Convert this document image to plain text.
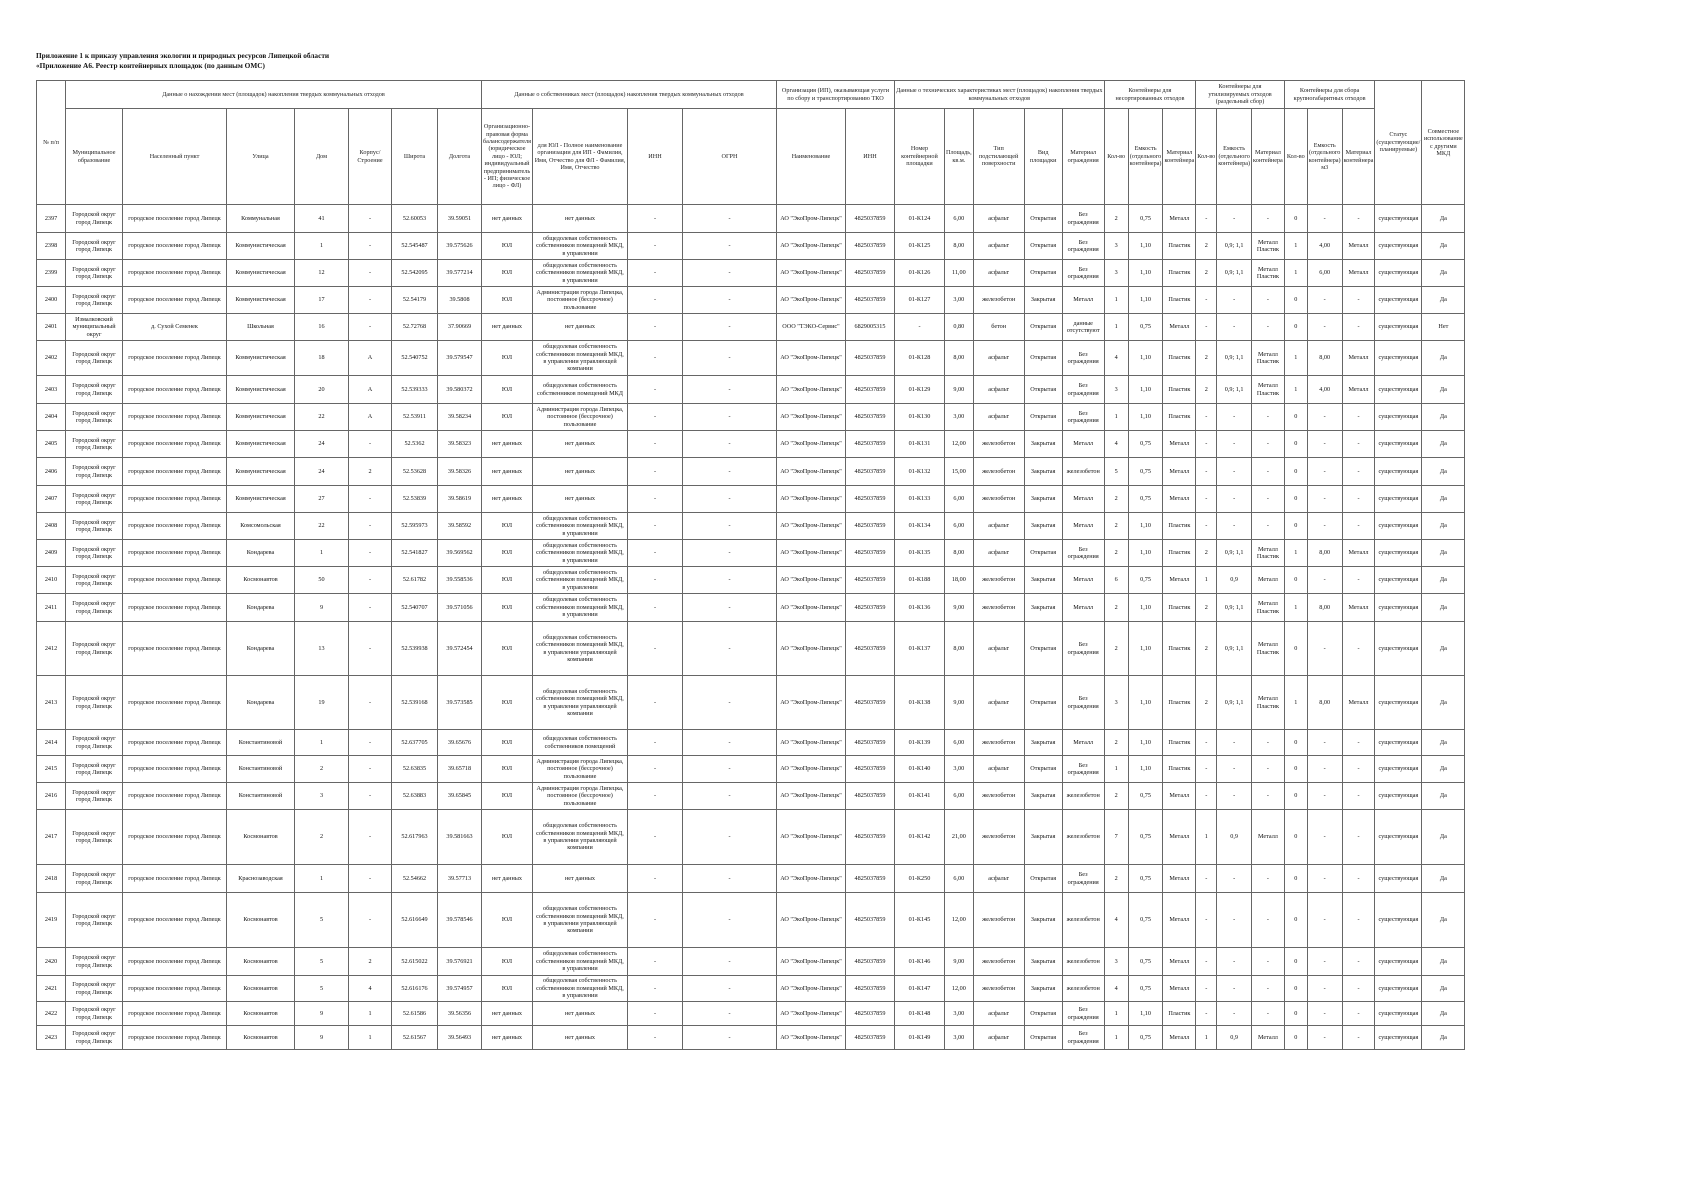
Приложение 1 к приказу управления экологии и природных ресурсов Липецкой области
«Приложение А6. Реестр контейнерных площадок (по данным ОМС)
№ п/п	Данные о нахождении мест (площадок) накопления твердых коммунальных отходов							Данные о собственниках мест (площадок) накопления твердых коммунальных отходов				Организация (ИП), оказывающая услуги по сбору и транспортированию ТКО		Данные о технических характеристиках мест (площадок) накопления твердых коммунальных отходов					Контейнеры для несортированных отходов			Контейнеры для утилизируемых отходов (раздельный сбор)			Контейнеры для сбора крупногабаритных отходов			Статус (существующие/планируемые)	Совместное использование с другими МКД
	Муниципальное образование	Населенный пункт	Улица	Дом	Корпус/Строение	Широта	Долгота	Организационно-правовая форма балансодержателя (юридическое лицо - ЮЛ; индивидуальный предприниматель - ИП; физическое лицо - ФЛ)	для ЮЛ - Полное наименование организации для ИП - Фамилия, Имя, Отчество для ФЛ - Фамилия, Имя, Отчество	ИНН	ОГРН	Наименование	ИНН	Номер контейнерной площадки	Площадь, кв.м.	Тип подстилающей поверхности	Вид площадки	Материал ограждения	Кол-во	Емкость (отдельного контейнера)	Материал контейнера	Кол-во	Емкость (отдельного контейнера)	Материал контейнера	Кол-во	Емкость (отдельного контейнера) м3	Материал контейнера		

2397	Городской округ город Липецк	городское поселение город Липецк	Коммунальная	41	-	52.60053	39.59051	нет данных	нет данных	-	-	АО "ЭкоПром-Липецк"	4825037859	01-К124	6,00	асфальт	Открытая	Без ограждения	2	0,75	Металл	-	-	-	0	-	-	существующая	Да

2398	Городской округ город Липецк	городское поселение город Липецк	Коммунистическая	1	-	52.545487	39.575626	ЮЛ	общедолевая собственность собственников помещений МКД, в управлении	-	-	АО "ЭкоПром-Липецк"	4825037859	01-К125	8,00	асфальт	Открытая	Без ограждения	3	1,10	Пластик	2	0,9; 1,1	Металл Пластик	1	4,00	Металл	существующая	Да

2399	Городской округ город Липецк	городское поселение город Липецк	Коммунистическая	12	-	52.542095	39.577214	ЮЛ	общедолевая собственность собственников помещений МКД, в управлении	-	-	АО "ЭкоПром-Липецк"	4825037859	01-К126	11,00	асфальт	Открытая	Без ограждения	3	1,10	Пластик	2	0,9; 1,1	Металл Пластик	1	6,00	Металл	существующая	Да

2400	Городской округ город Липецк	городское поселение город Липецк	Коммунистическая	17	-	52.54179	39.5808	ЮЛ	Администрация города Липецка, постоянное (бессрочное) пользование	-	-	АО "ЭкоПром-Липецк"	4825037859	01-К127	3,00	железобетон	Закрытая	Металл	1	1,10	Пластик	-	-	-	0	-	-	существующая	Да

2401	Измалковский муниципальный округ	д. Сухой Семенек	Школьная	16	-	52.72768	37.90669	нет данных	нет данных	-	-	ООО "ТЭКО-Сервис"	6829005315	-	0,80	бетон	Открытая	данные отсутствуют	1	0,75	Металл	-	-	-	0	-	-	существующая	Нет

2402	Городской округ город Липецк	городское поселение город Липецк	Коммунистическая	18	А	52.540752	39.579547	ЮЛ	общедолевая собственность собственников помещений МКД, в управлении управляющей компании	-	-	АО "ЭкоПром-Липецк"	4825037859	01-К128	8,00	асфальт	Открытая	Без ограждения	4	1,10	Пластик	2	0,9; 1,1	Металл Пластик	1	8,00	Металл	существующая	Да

2403	Городской округ город Липецк	городское поселение город Липецк	Коммунистическая	20	А	52.539333	39.580372	ЮЛ	общедолевая собственность собственников помещений МКД	-	-	АО "ЭкоПром-Липецк"	4825037859	01-К129	9,00	асфальт	Открытая	Без ограждения	3	1,10	Пластик	2	0,9; 1,1	Металл Пластик	1	4,00	Металл	существующая	Да

2404	Городской округ город Липецк	городское поселение город Липецк	Коммунистическая	22	А	52.53911	39.58234	ЮЛ	Администрация города Липецка, постоянное (бессрочное) пользование	-	-	АО "ЭкоПром-Липецк"	4825037859	01-К130	3,00	асфальт	Открытая	Без ограждения	1	1,10	Пластик	-	-	-	0	-	-	существующая	Да

2405	Городской округ город Липецк	городское поселение город Липецк	Коммунистическая	24	-	52.5362	39.58323	нет данных	нет данных	-	-	АО "ЭкоПром-Липецк"	4825037859	01-К131	12,00	железобетон	Закрытая	Металл	4	0,75	Металл	-	-	-	0	-	-	существующая	Да

2406	Городской округ город Липецк	городское поселение город Липецк	Коммунистическая	24	2	52.53628	39.58326	нет данных	нет данных	-	-	АО "ЭкоПром-Липецк"	4825037859	01-К132	15,00	железобетон	Закрытая	железобетон	5	0,75	Металл	-	-	-	0	-	-	существующая	Да

2407	Городской округ город Липецк	городское поселение город Липецк	Коммунистическая	27	-	52.53839	39.58619	нет данных	нет данных	-	-	АО "ЭкоПром-Липецк"	4825037859	01-К133	6,00	железобетон	Закрытая	Металл	2	0,75	Металл	-	-	-	0	-	-	существующая	Да

2408	Городской округ город Липецк	городское поселение город Липецк	Комсомольская	22	-	52.595973	39.58592	ЮЛ	общедолевая собственность собственников помещений МКД, в управлении	-	-	АО "ЭкоПром-Липецк"	4825037859	01-К134	6,00	асфальт	Закрытая	Металл	2	1,10	Пластик	-	-	-	0	-	-	существующая	Да

2409	Городской округ город Липецк	городское поселение город Липецк	Кондарева	1	-	52.541827	39.569562	ЮЛ	общедолевая собственность собственников помещений МКД, в управлении	-	-	АО "ЭкоПром-Липецк"	4825037859	01-К135	8,00	асфальт	Открытая	Без ограждения	2	1,10	Пластик	2	0,9; 1,1	Металл Пластик	1	8,00	Металл	существующая	Да

2410	Городской округ город Липецк	городское поселение город Липецк	Космонавтов	50	-	52.61782	39.558536	ЮЛ	общедолевая собственность собственников помещений МКД, в управлении	-	-	АО "ЭкоПром-Липецк"	4825037859	01-К188	18,00	железобетон	Закрытая	Металл	6	0,75	Металл	1	0,9	Металл	0	-	-	существующая	Да

2411	Городской округ город Липецк	городское поселение город Липецк	Кондарева	9	-	52.540707	39.571056	ЮЛ	общедолевая собственность собственников помещений МКД, в управлении	-	-	АО "ЭкоПром-Липецк"	4825037859	01-К136	9,00	железобетон	Закрытая	Металл	2	1,10	Пластик	2	0,9; 1,1	Металл Пластик	1	8,00	Металл	существующая	Да

2412	Городской округ город Липецк	городское поселение город Липецк	Кондарева	13	-	52.539938	39.572454	ЮЛ	общедолевая собственность собственников помещений МКД, в управлении управляющей компании	-	-	АО "ЭкоПром-Липецк"	4825037859	01-К137	8,00	асфальт	Открытая	Без ограждения	2	1,10	Пластик	2	0,9; 1,1	Металл Пластик	0	-	-	существующая	Да

2413	Городской округ город Липецк	городское поселение город Липецк	Кондарева	19	-	52.539168	39.573585	ЮЛ	общедолевая собственность собственников помещений МКД, в управлении управляющей компании	-	-	АО "ЭкоПром-Липецк"	4825037859	01-К138	9,00	асфальт	Открытая	Без ограждения	3	1,10	Пластик	2	0,9; 1,1	Металл Пластик	1	8,00	Металл	существующая	Да

2414	Городской округ город Липецк	городское поселение город Липецк	Константиновой	1	-	52.637705	39.65676	ЮЛ	общедолевая собственность собственников помещений	-	-	АО "ЭкоПром-Липецк"	4825037859	01-К139	6,00	железобетон	Закрытая	Металл	2	1,10	Пластик	-	-	-	0	-	-	существующая	Да

2415	Городской округ город Липецк	городское поселение город Липецк	Константиновой	2	-	52.63835	39.65718	ЮЛ	Администрация города Липецка, постоянное (бессрочное) пользование	-	-	АО "ЭкоПром-Липецк"	4825037859	01-К140	3,00	асфальт	Открытая	Без ограждения	1	1,10	Пластик	-	-	-	0	-	-	существующая	Да

2416	Городской округ город Липецк	городское поселение город Липецк	Константиновой	3	-	52.63883	39.65845	ЮЛ	Администрация города Липецка, постоянное (бессрочное) пользование	-	-	АО "ЭкоПром-Липецк"	4825037859	01-К141	6,00	железобетон	Закрытая	железобетон	2	0,75	Металл	-	-	-	0	-	-	существующая	Да

2417	Городской округ город Липецк	городское поселение город Липецк	Космонавтов	2	-	52.617963	39.581663	ЮЛ	общедолевая собственность собственников помещений МКД, в управлении управляющей компании	-	-	АО "ЭкоПром-Липецк"	4825037859	01-К142	21,00	железобетон	Закрытая	железобетон	7	0,75	Металл	1	0,9	Металл	0	-	-	существующая	Да

2418	Городской округ город Липецк	городское поселение город Липецк	Краснозаводская	1	-	52.54662	39.57713	нет данных	нет данных	-	-	АО "ЭкоПром-Липецк"	4825037859	01-К250	6,00	асфальт	Открытая	Без ограждения	2	0,75	Металл	-	-	-	0	-	-	существующая	Да

2419	Городской округ город Липецк	городское поселение город Липецк	Космонавтов	5	-	52.616649	39.578546	ЮЛ	общедолевая собственность собственников помещений МКД, в управлении управляющей компании	-	-	АО "ЭкоПром-Липецк"	4825037859	01-К145	12,00	железобетон	Закрытая	железобетон	4	0,75	Металл	-	-	-	0	-	-	существующая	Да

2420	Городской округ город Липецк	городское поселение город Липецк	Космонавтов	5	2	52.615022	39.576921	ЮЛ	общедолевая собственность собственников помещений МКД, в управлении	-	-	АО "ЭкоПром-Липецк"	4825037859	01-К146	9,00	железобетон	Закрытая	железобетон	3	0,75	Металл	-	-	-	0	-	-	существующая	Да

2421	Городской округ город Липецк	городское поселение город Липецк	Космонавтов	5	4	52.616176	39.574957	ЮЛ	общедолевая собственность собственников помещений МКД, в управлении	-	-	АО "ЭкоПром-Липецк"	4825037859	01-К147	12,00	железобетон	Закрытая	железобетон	4	0,75	Металл	-	-	-	0	-	-	существующая	Да

2422	Городской округ город Липецк	городское поселение город Липецк	Космонавтов	9	1	52.61586	39.56356	нет данных	нет данных	-	-	АО "ЭкоПром-Липецк"	4825037859	01-К148	3,00	асфальт	Открытая	Без ограждения	1	1,10	Пластик	-	-	-	0	-	-	существующая	Да

2423	Городской округ город Липецк	городское поселение город Липецк	Космонавтов	9	1	52.61567	39.56493	нет данных	нет данных	-	-	АО "ЭкоПром-Липецк"	4825037859	01-К149	3,00	асфальт	Открытая	Без ограждения	1	0,75	Металл	1	0,9	Металл	0	-	-	существующая	Да
